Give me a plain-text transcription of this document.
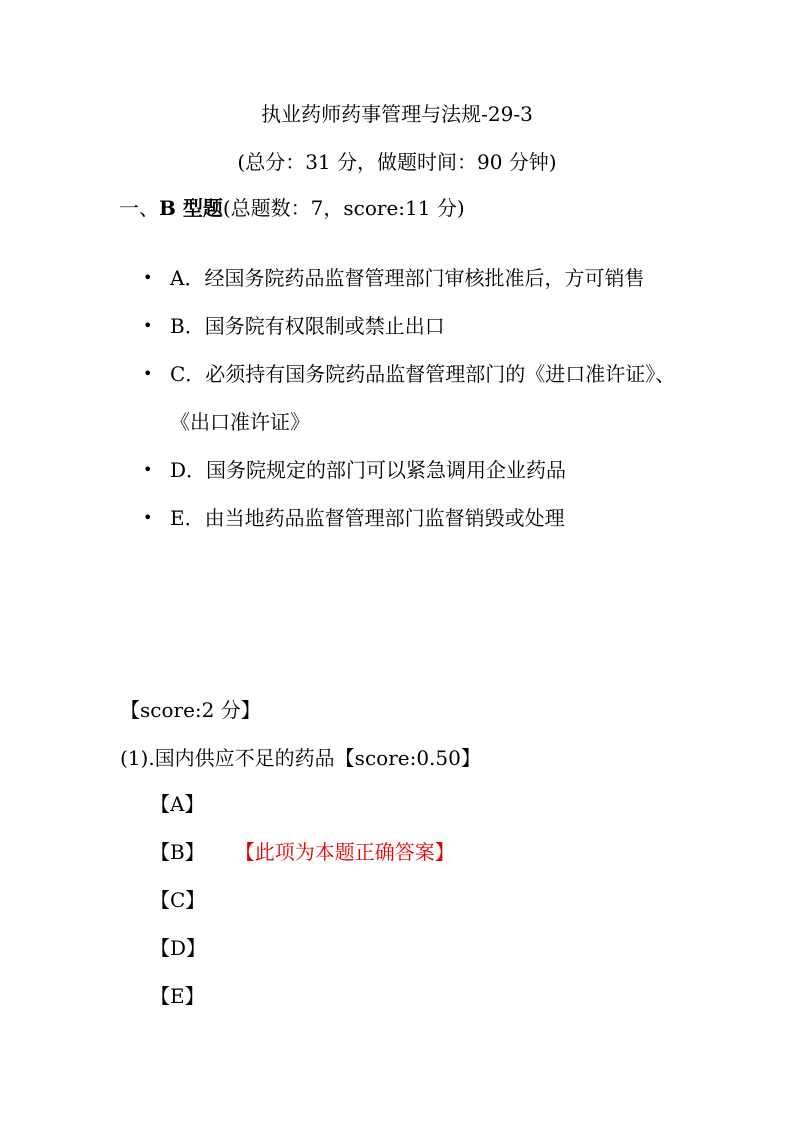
执业药师药事管理与法规-29-3
(总分：31 分，做题时间：90 分钟)
一、B 型题(总题数：7，score:11 分)
• A．经国务院药品监督管理部门审核批准后，方可销售
• B．国务院有权限制或禁止出口
• C．必须持有国务院药品监督管理部门的《进口准许证》、《出口准许证》
• D．国务院规定的部门可以紧急调用企业药品
• E．由当地药品监督管理部门监督销毁或处理
【score:2 分】
(1).国内供应不足的药品【score:0.50】
【A】
【B】 【此项为本题正确答案】
【C】
【D】
【E】
